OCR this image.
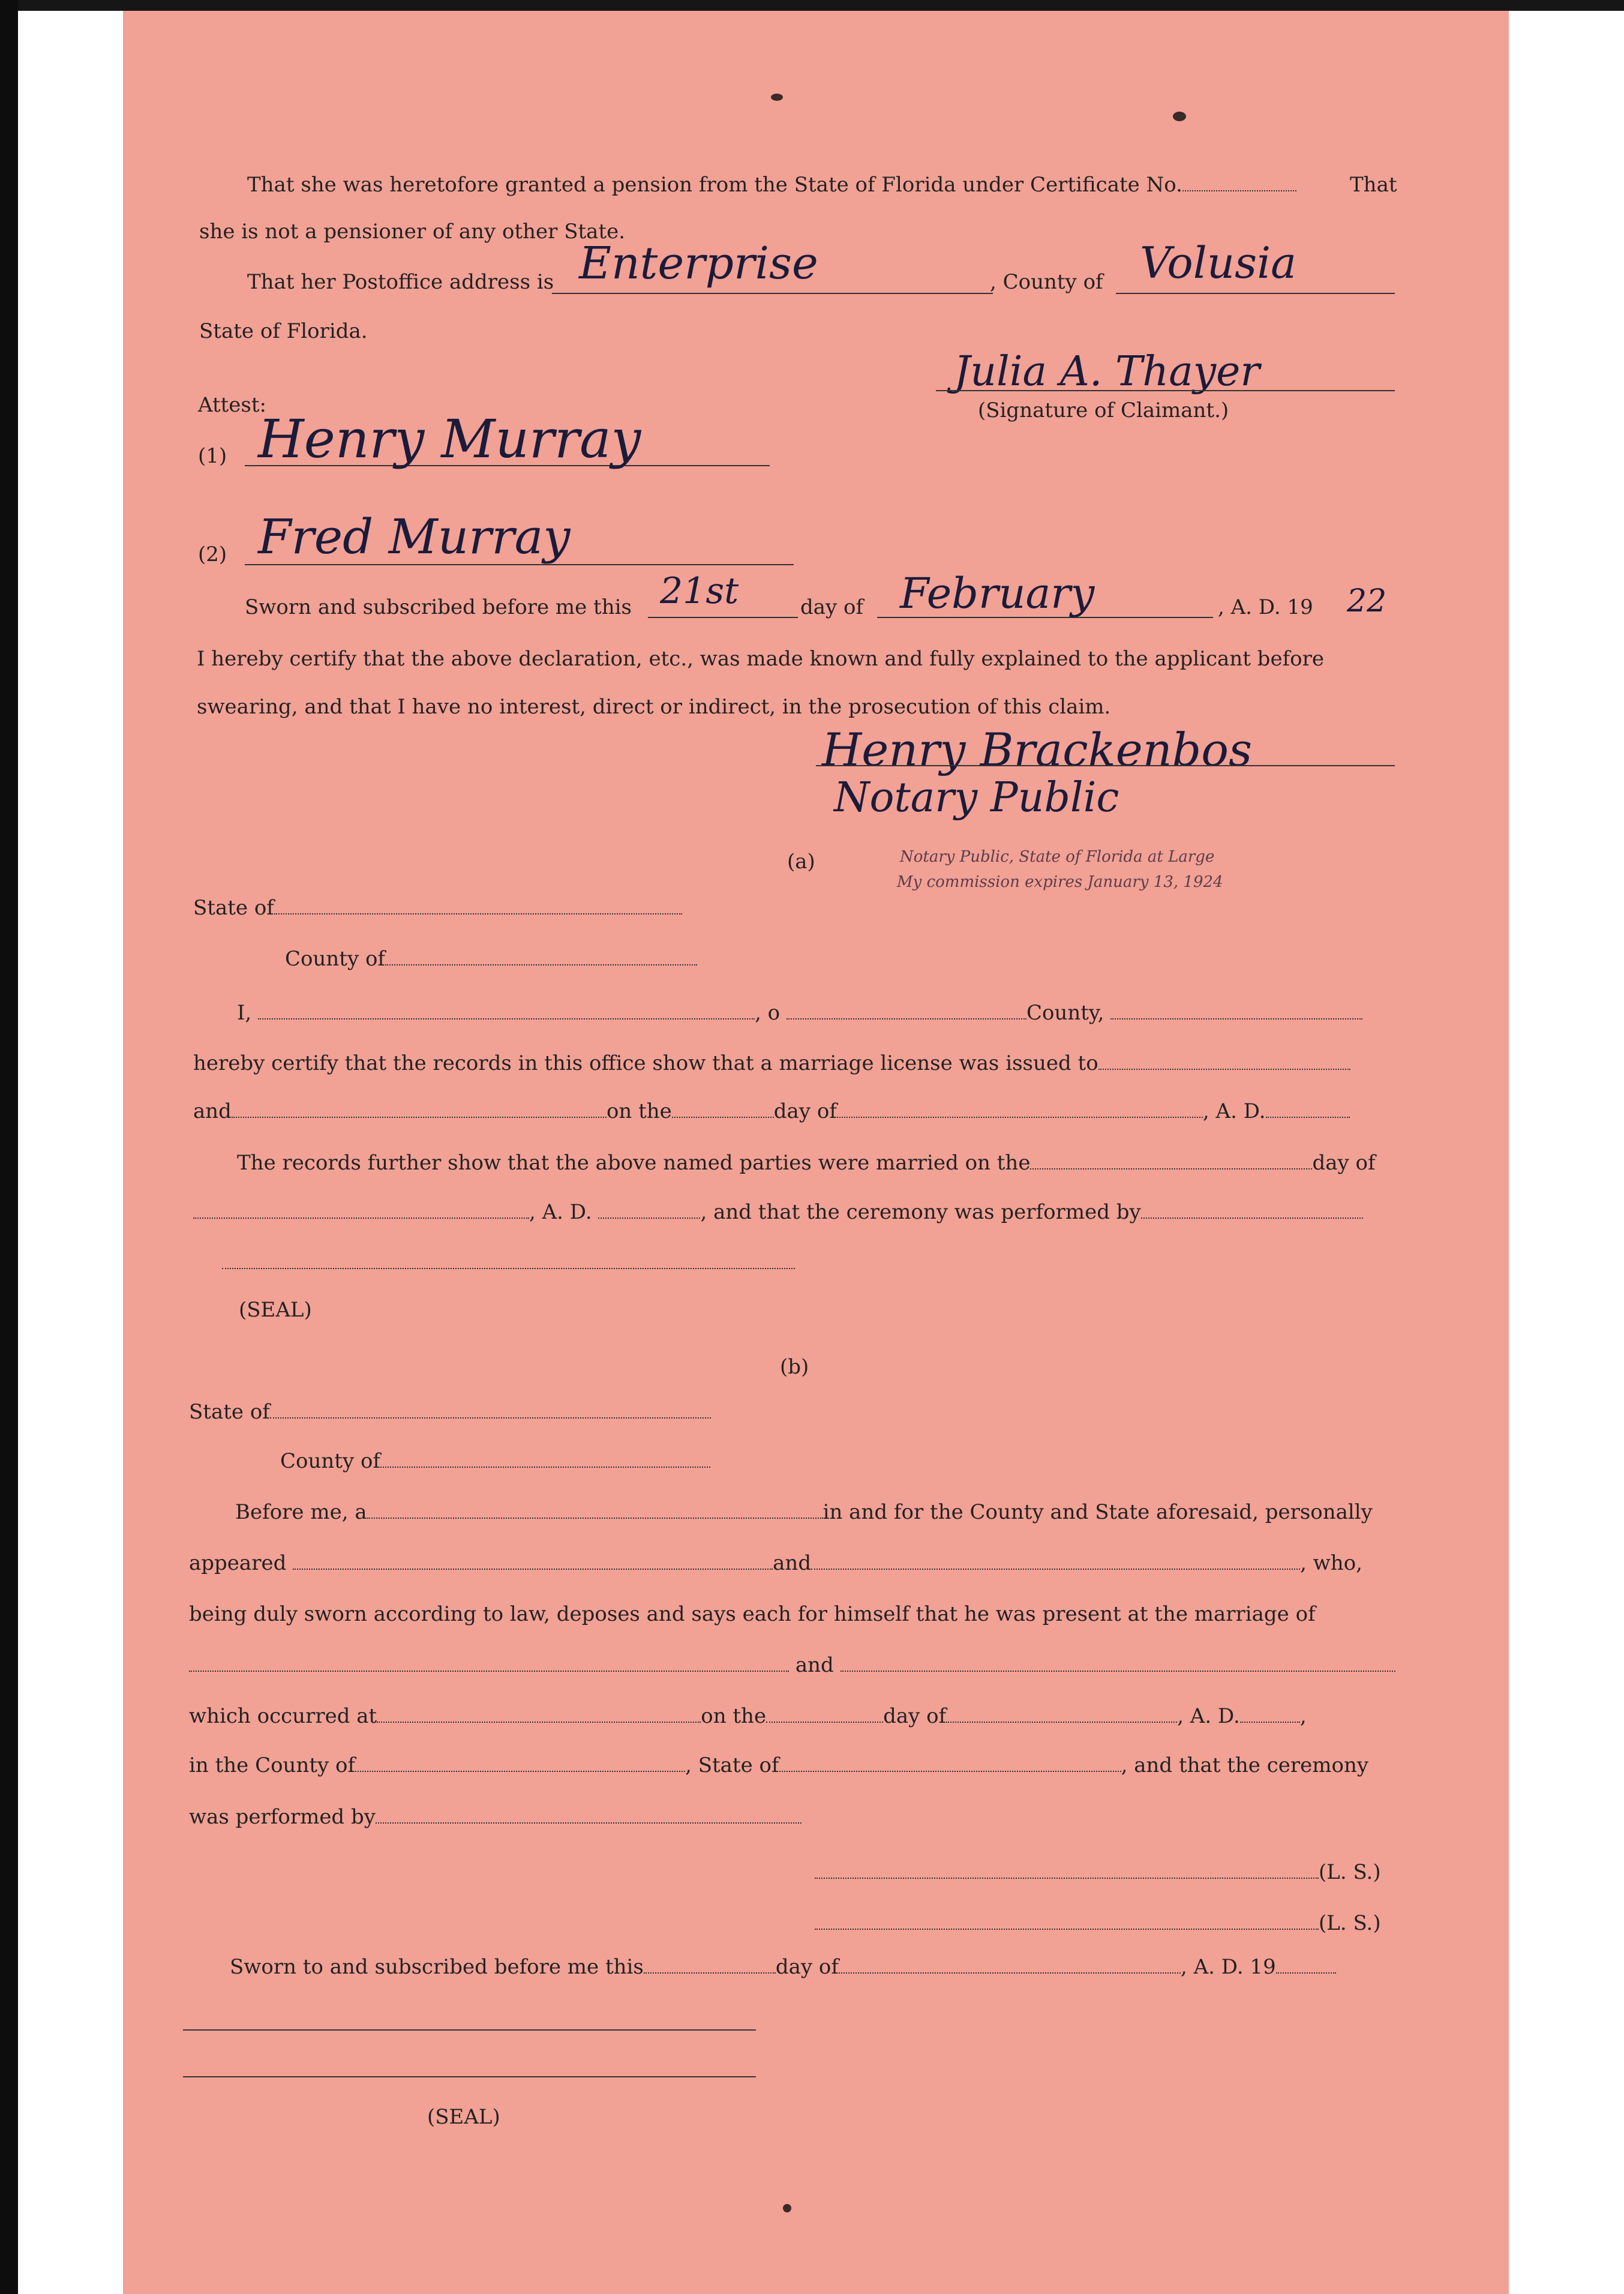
That she was heretofore granted a pension from the State of Florida under Certificate No.	That
she is not a pensioner of any other State.
That her Postoffice address is Enterprise	, County of Volusia
State of Florida.
Julia A. Thayer
Attest:	(Signature of Claimant.)
(1) Henry Murray
(2) Fred Murray
Sworn and subscribed before me this 21st	day of February	, A. D. 19 22
I hereby certify that the above declaration, etc., was made known and fully explained to the applicant before
swearing, and that I have no interest, direct or indirect, in the prosecution of this claim.
Henry Brackenbos
Notary Public
Notary Public, State of Florida at Large
My commission expires January 13, 1924
(a)
State of
County of
I,	, o	County,
hereby certify that the records in this office show that a marriage license was issued to
and	on the	day of	, A. D.
The records further show that the above named parties were married on the	day of
, A. D.	, and that the ceremony was performed by
(SEAL)
(b)
State of
County of
Before me, a	in and for the County and State aforesaid, personally
appeared	and	, who,
being duly sworn according to law, deposes and says each for himself that he was present at the marriage of
and
which occurred at	on the	day of	, A. D.	,
in the County of	, State of	, and that the ceremony
was performed by
(L. S.)
(L. S.)
Sworn to and subscribed before me this	day of	, A. D. 19
(SEAL)
